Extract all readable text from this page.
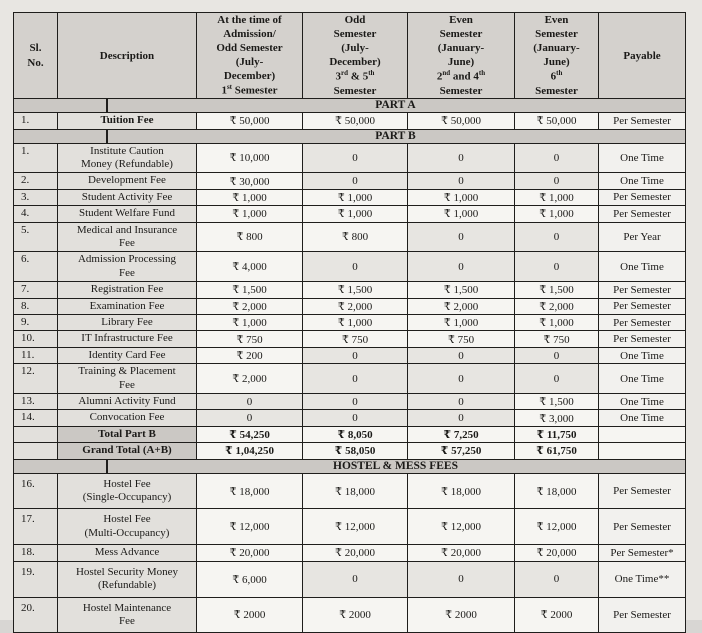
Sl.
No.	Description	At the time of
Admission/
Odd Semester
(July-
December)
1st Semester	Odd
Semester
(July-
December)
3rd & 5th
Semester	Even
Semester
(January-
June)
2nd and 4th
Semester	Even
Semester
(January-
June)
6th
Semester	Payable

PART A						

1.	Tuition Fee	₹ 50,000	₹ 50,000	₹ 50,000	₹ 50,000	Per Semester

PART B						

1.	Institute Caution
Money (Refundable)	₹ 10,000	0	0	0	One Time
2.	Development Fee	₹ 30,000	0	0	0	One Time
3.	Student Activity Fee	₹ 1,000	₹ 1,000	₹ 1,000	₹ 1,000	Per Semester
4.	Student Welfare Fund	₹ 1,000	₹ 1,000	₹ 1,000	₹ 1,000	Per Semester
5.	Medical and Insurance
Fee	₹ 800	₹ 800	0	0	Per Year
6.	Admission Processing
Fee	₹ 4,000	0	0	0	One Time
7.	Registration Fee	₹ 1,500	₹ 1,500	₹ 1,500	₹ 1,500	Per Semester
8.	Examination Fee	₹ 2,000	₹ 2,000	₹ 2,000	₹ 2,000	Per Semester
9.	Library Fee	₹ 1,000	₹ 1,000	₹ 1,000	₹ 1,000	Per Semester
10.	IT Infrastructure Fee	₹ 750	₹ 750	₹ 750	₹ 750	Per Semester
11.	Identity Card Fee	₹ 200	0	0	0	One Time
12.	Training & Placement
Fee	₹ 2,000	0	0	0	One Time
13.	Alumni Activity Fund	0	0	0	₹ 1,500	One Time
14.	Convocation Fee	0	0	0	₹ 3,000	One Time
	Total Part B	₹ 54,250	₹ 8,050	₹ 7,250	₹ 11,750	
	Grand Total (A+B)	₹ 1,04,250	₹ 58,050	₹ 57,250	₹ 61,750	

HOSTEL & MESS FEES						

16.	Hostel Fee
(Single-Occupancy)	₹ 18,000	₹ 18,000	₹ 18,000	₹ 18,000	Per Semester
17.	Hostel Fee
(Multi-Occupancy)	₹ 12,000	₹ 12,000	₹ 12,000	₹ 12,000	Per Semester
18.	Mess Advance	₹ 20,000	₹ 20,000	₹ 20,000	₹ 20,000	Per Semester*
19.	Hostel Security Money
(Refundable)	₹ 6,000	0	0	0	One Time**
20.	Hostel Maintenance
Fee	₹ 2000	₹ 2000	₹ 2000	₹ 2000	Per Semester
